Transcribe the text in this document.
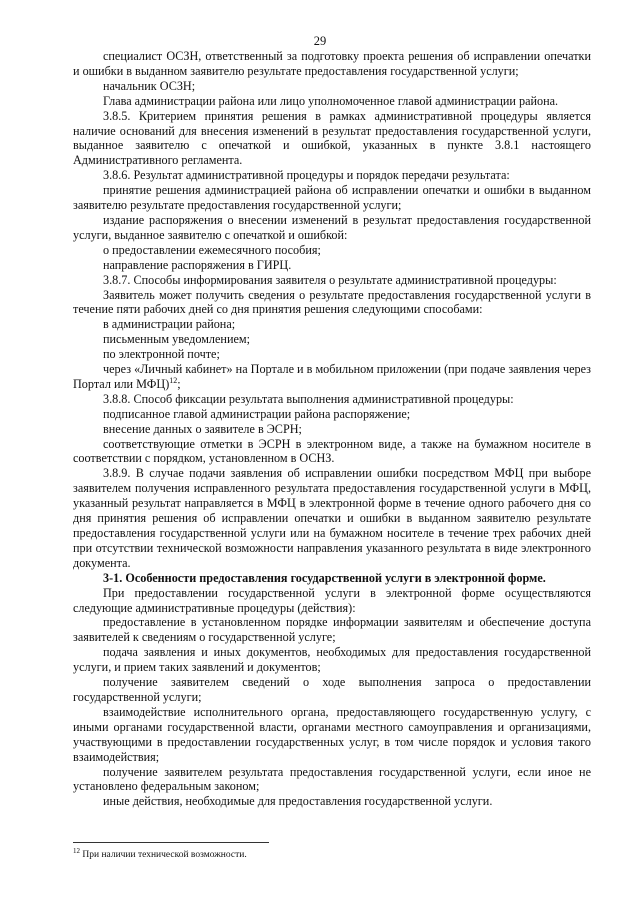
29

специалист ОСЗН, ответственный за подготовку проекта решения об исправлении опечатки и ошибки в выданном заявителю результате предоставления государственной услуги;

начальник ОСЗН;

Глава администрации района или лицо уполномоченное главой администрации района.

3.8.5. Критерием принятия решения в рамках административной процедуры является наличие оснований для внесения изменений в результат предоставления государственной услуги, выданное заявителю с опечаткой и ошибкой, указанных в пункте 3.8.1 настоящего Административного регламента.

3.8.6. Результат административной процедуры и порядок передачи результата:

принятие решения администрацией района об исправлении опечатки и ошибки в выданном заявителю результате предоставления государственной услуги;

издание распоряжения о внесении изменений в результат предоставления государственной услуги, выданное заявителю с опечаткой и ошибкой:

о предоставлении ежемесячного пособия;

направление распоряжения в ГИРЦ.

3.8.7. Способы информирования заявителя о результате административной процедуры:

Заявитель может получить сведения о результате предоставления государственной услуги в течение пяти рабочих дней со дня принятия решения следующими способами:

в администрации района;

письменным уведомлением;

по электронной почте;

через «Личный кабинет» на Портале и в мобильном приложении (при подаче заявления через Портал или МФЦ)$^{12}$;

3.8.8. Способ фиксации результата выполнения административной процедуры:

подписанное главой администрации района распоряжение;

внесение данных о заявителе в ЭСРН;

соответствующие отметки в ЭСРН в электронном виде, а также на бумажном носителе в соответствии с порядком, установленном в ОСНЗ.

3.8.9. В случае подачи заявления об исправлении ошибки посредством МФЦ при выборе заявителем получения исправленного результата предоставления государственной услуги в МФЦ, указанный результат направляется в МФЦ в электронной форме в течение одного рабочего дня со дня принятия решения об исправлении опечатки и ошибки в выданном заявителю результате предоставления государственной услуги или на бумажном носителе в течение трех рабочих дней при отсутствии технической возможности направления указанного результата в виде электронного документа.

3-1. Особенности предоставления государственной услуги в электронной форме.

При предоставлении государственной услуги в электронной форме осуществляются следующие административные процедуры (действия):

предоставление в установленном порядке информации заявителям и обеспечение доступа заявителей к сведениям о государственной услуге;

подача заявления и иных документов, необходимых для предоставления государственной услуги, и прием таких заявлений и документов;

получение заявителем сведений о ходе выполнения запроса о предоставлении государственной услуги;

взаимодействие исполнительного органа, предоставляющего государственную услугу, с иными органами государственной власти, органами местного самоуправления и организациями, участвующими в предоставлении государственных услуг, в том числе порядок и условия такого взаимодействия;

получение заявителем результата предоставления государственной услуги, если иное не установлено федеральным законом;

иные действия, необходимые для предоставления государственной услуги.

$^{12}$ При наличии технической возможности.
